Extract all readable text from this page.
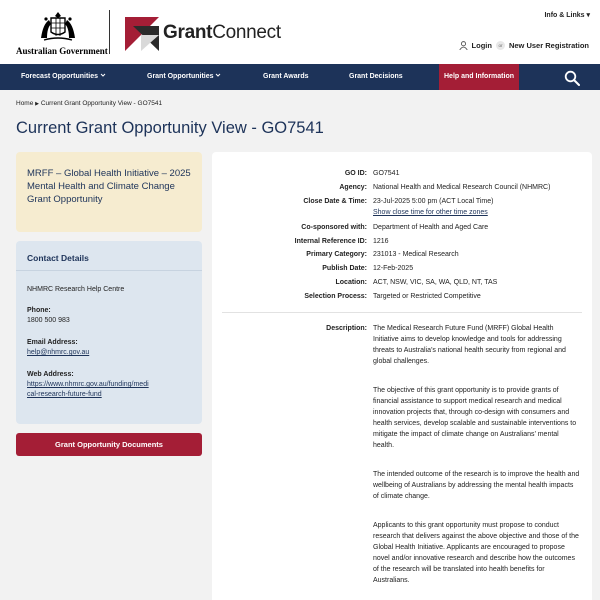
Australian Government
GrantConnect
Info & Links ▾
Login	or New User Registration
Forecast Opportunities	Grant Opportunities	Grant Awards	Grant Decisions	Help and Information
Home ▶ Current Grant Opportunity View - GO7541
Current Grant Opportunity View - GO7541
MRFF – Global Health Initiative – 2025 Mental Health and Climate Change Grant Opportunity
Contact Details
NHMRC Research Help Centre
Phone:
1800 500 983
Email Address:
help@nhmrc.gov.au
Web Address:
https://www.nhmrc.gov.au/funding/medi
cal-research-future-fund
Grant Opportunity Documents
GO ID: GO7541
Agency: National Health and Medical Research Council (NHMRC)
Close Date & Time: 23-Jul-2025 5:00 pm (ACT Local Time)
Show close time for other time zones
Co-sponsored with: Department of Health and Aged Care
Internal Reference ID: 1216
Primary Category: 231013 - Medical Research
Publish Date: 12-Feb-2025
Location: ACT, NSW, VIC, SA, WA, QLD, NT, TAS
Selection Process: Targeted or Restricted Competitive
Description: The Medical Research Future Fund (MRFF) Global Health Initiative aims to develop knowledge and tools for addressing threats to Australia’s national health security from regional and global challenges.
The objective of this grant opportunity is to provide grants of financial assistance to support medical research and medical innovation projects that, through co-design with consumers and health services, develop scalable and sustainable interventions to mitigate the impact of climate change on Australians’ mental health.
The intended outcome of the research is to improve the health and wellbeing of Australians by addressing the mental health impacts of climate change.
Applicants to this grant opportunity must propose to conduct research that delivers against the above objective and those of the Global Health Initiative. Applicants are encouraged to propose novel and/or innovative research and describe how the outcomes of the research will be translated into health benefits for Australians.
